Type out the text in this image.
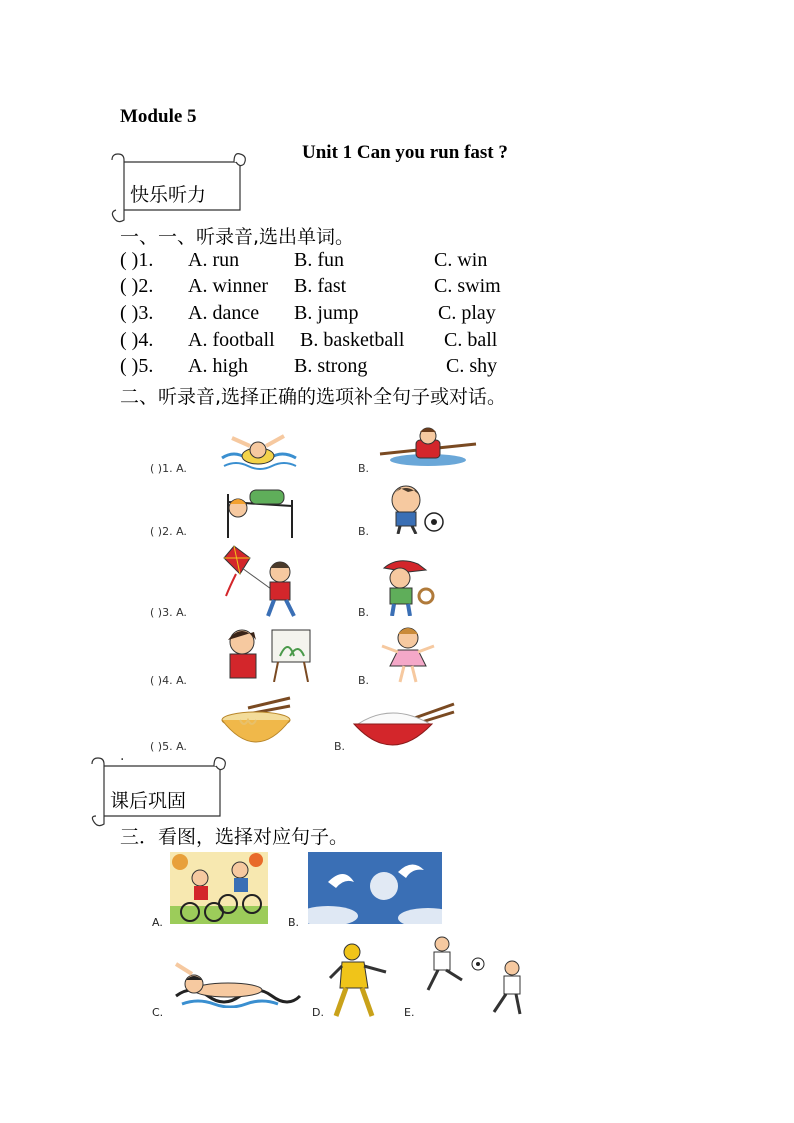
Module 5
Unit 1 Can you run fast ?
快乐听力
一、一、听录音,选出单词。
( )1. A. run	B. fun	C. win
( )2. A. winner B. fast	C. swim
( )3. A. dance B. jump	C. play
( )4. A. football B. basketball C. ball
( )5. A. high B. strong	C. shy
二、听录音,选择正确的选项补全句子或对话。
( )1. A.	B.
( )2. A.	B.
( )3. A.	B.
( )4. A.	B.
( )5. A.	B.
.
课后巩固
三．看图，选择对应句子。
A.	B.
C.	D.	E.
